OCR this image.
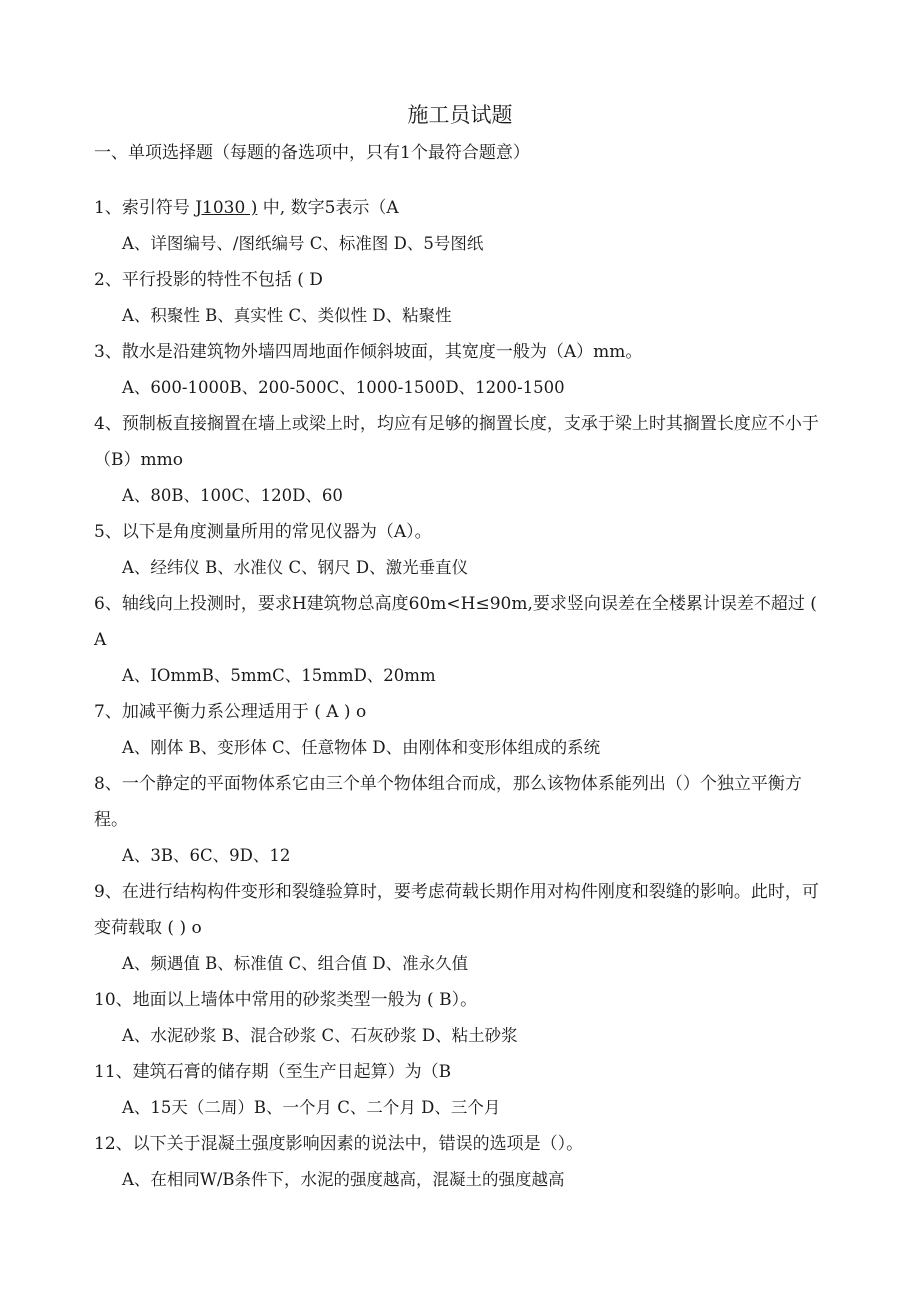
施工员试题
一、单项选择题（每题的备选项中，只有1个最符合题意）
1、索引符号 J1030 ) 中, 数字5表示（A
A、详图编号、/图纸编号 C、标准图 D、5号图纸
2、平行投影的特性不包括 ( D
A、积聚性 B、真实性 C、类似性 D、粘聚性
3、散水是沿建筑物外墙四周地面作倾斜坡面，其宽度一般为（A）mm。
A、600-1000B、200-500C、1000-1500D、1200-1500
4、预制板直接搁置在墙上或梁上时，均应有足够的搁置长度，支承于梁上时其搁置长度应不小于（B）mmo
A、80B、100C、120D、60
5、以下是角度测量所用的常见仪器为（A）。
A、经纬仪 B、水准仪 C、钢尺 D、激光垂直仪
6、轴线向上投测时，要求H建筑物总高度60m<H≤90m,要求竖向误差在全楼累计误差不超过 ( A
A、IOmmB、5mmC、15mmD、20mm
7、加减平衡力系公理适用于 ( A ) o
A、刚体 B、变形体 C、任意物体 D、由刚体和变形体组成的系统
8、一个静定的平面物体系它由三个单个物体组合而成，那么该物体系能列出（）个独立平衡方程。
A、3B、6C、9D、12
9、在进行结构构件变形和裂缝验算时，要考虑荷载长期作用对构件刚度和裂缝的影响。此时，可变荷载取 ( ) o
A、频遇值 B、标准值 C、组合值 D、准永久值
10、地面以上墙体中常用的砂浆类型一般为 ( B）。
A、水泥砂浆 B、混合砂浆 C、石灰砂浆 D、粘土砂浆
11、建筑石膏的储存期（至生产日起算）为（B
A、15天（二周）B、一个月 C、二个月 D、三个月
12、以下关于混凝土强度影响因素的说法中，错误的选项是（）。
A、在相同W/B条件下，水泥的强度越高，混凝土的强度越高
